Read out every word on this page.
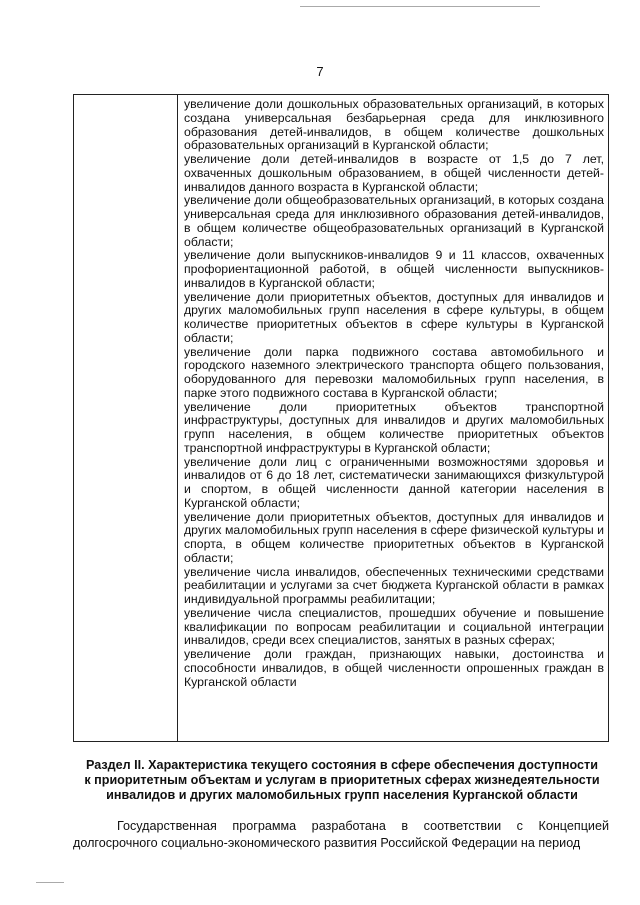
7

увеличение доли дошкольных образовательных организаций, в которых создана универсальная безбарьерная среда для инклюзивного образования детей-инвалидов, в общем количестве дошкольных образовательных организаций в Курганской области;

увеличение доли детей-инвалидов в возрасте от 1,5 до 7 лет, охваченных дошкольным образованием, в общей численности детей-инвалидов данного возраста в Курганской области;

увеличение доли общеобразовательных организаций, в которых создана универсальная среда для инклюзивного образования детей-инвалидов, в общем количестве общеобразовательных организаций в Курганской области;

увеличение доли выпускников-инвалидов 9 и 11 классов, охваченных профориентационной работой, в общей численности выпускников-инвалидов в Курганской области;

увеличение доли приоритетных объектов, доступных для инвалидов и других маломобильных групп населения в сфере культуры, в общем количестве приоритетных объектов в сфере культуры в Курганской области;

увеличение доли парка подвижного состава автомобильного и городского наземного электрического транспорта общего пользования, оборудованного для перевозки маломобильных групп населения, в парке этого подвижного состава в Курганской области;

увеличение доли приоритетных объектов транспортной инфраструктуры, доступных для инвалидов и других маломобильных групп населения, в общем количестве приоритетных объектов транспортной инфраструктуры в Курганской области;

увеличение доли лиц с ограниченными возможностями здоровья и инвалидов от 6 до 18 лет, систематически занимающихся физкультурой и спортом, в общей численности данной категории населения в Курганской области;

увеличение доли приоритетных объектов, доступных для инвалидов и других маломобильных групп населения в сфере физической культуры и спорта, в общем количестве приоритетных объектов в Курганской области;

увеличение числа инвалидов, обеспеченных техническими средствами реабилитации и услугами за счет бюджета Курганской области в рамках индивидуальной программы реабилитации;

увеличение числа специалистов, прошедших обучение и повышение квалификации по вопросам реабилитации и социальной интеграции инвалидов, среди всех специалистов, занятых в разных сферах;

увеличение доли граждан, признающих навыки, достоинства и способности инвалидов, в общей численности опрошенных граждан в Курганской области

Раздел II. Характеристика текущего состояния в сфере обеспечения доступности
к приоритетным объектам и услугам в приоритетных сферах жизнедеятельности
инвалидов и других маломобильных групп населения Курганской области

Государственная программа разработана в соответствии с Концепцией долгосрочного социально-экономического развития Российской Федерации на период
